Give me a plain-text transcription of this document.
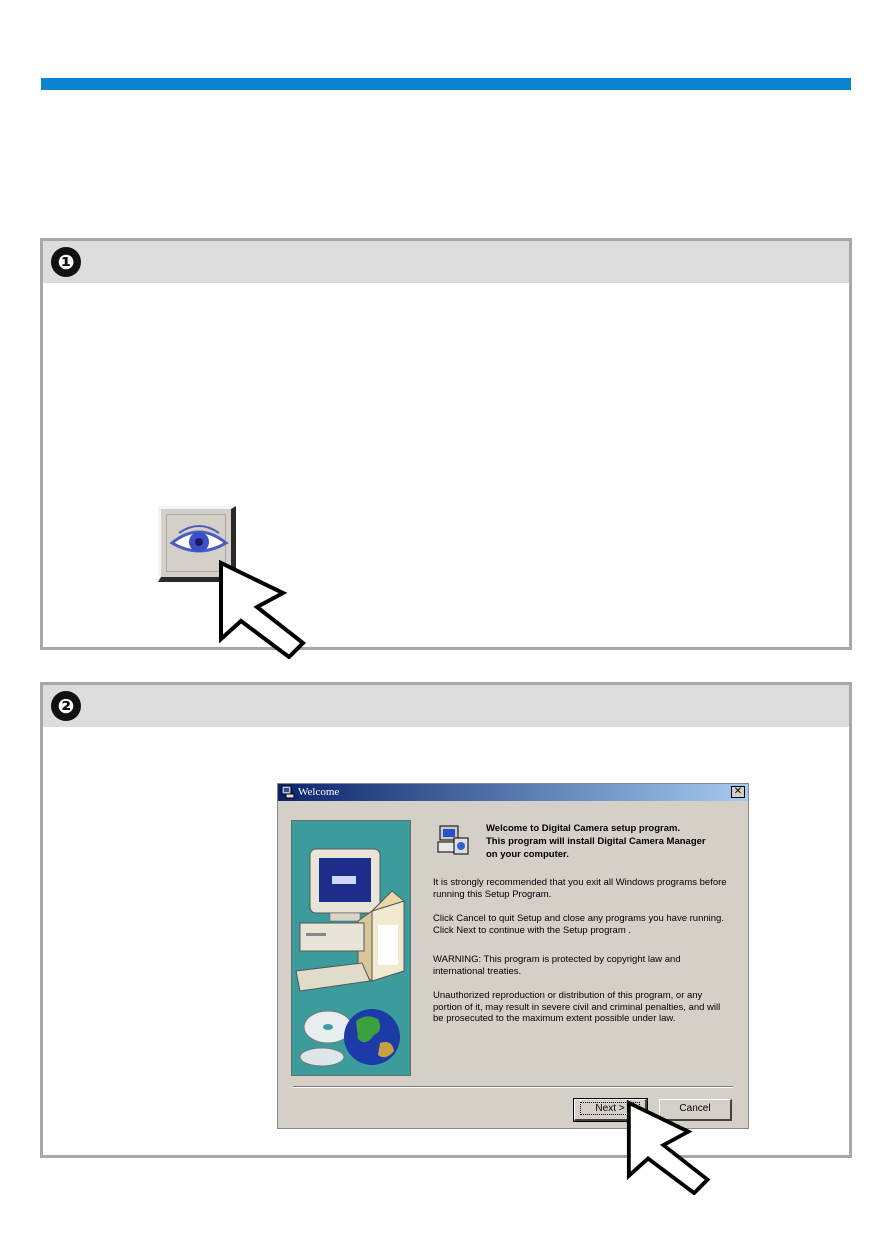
❶
❷
Welcome	✕
Welcome to Digital Camera setup program.
This program will install Digital Camera Manager
on your computer.
It is strongly recommended that you exit all Windows programs before running this Setup Program.
Click Cancel to quit Setup and close any programs you have running. Click Next to continue with the Setup program .
WARNING: This program is protected by copyright law and international treaties.
Unauthorized reproduction or distribution of this program, or any portion of it, may result in severe civil and criminal penalties, and will be prosecuted to the maximum extent possible under law.
Next >	Cancel
